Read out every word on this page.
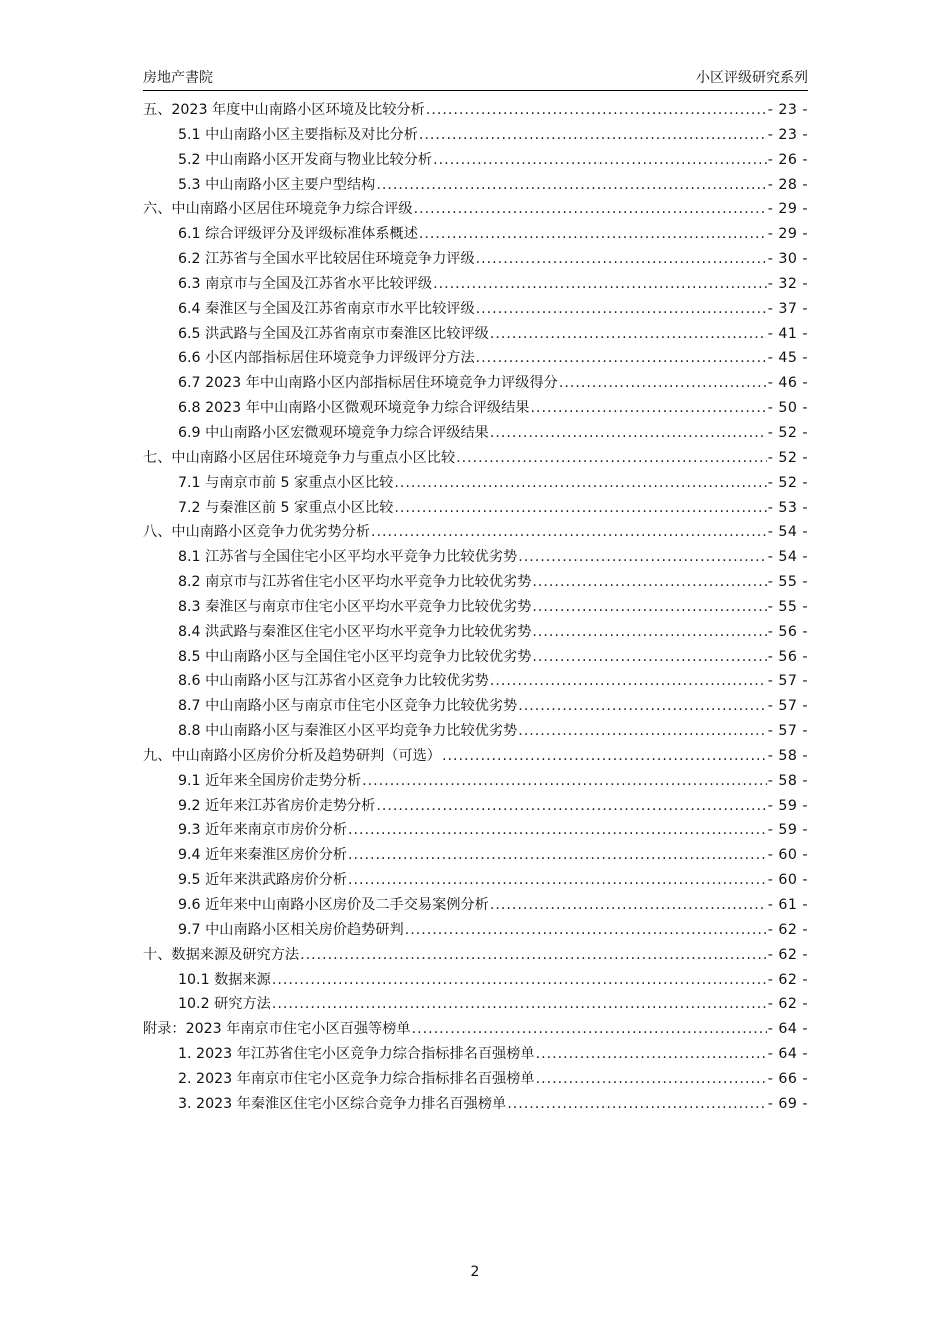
房地产書院	小区评级研究系列
五、2023 年度中山南路小区环境及比较分析 .....	- 23 -
5.1 中山南路小区主要指标及对比分析 .....	- 23 -
5.2 中山南路小区开发商与物业比较分析 .....	- 26 -
5.3 中山南路小区主要户型结构 .....	- 28 -
六、中山南路小区居住环境竞争力综合评级 .....	- 29 -
6.1 综合评级评分及评级标准体系概述 .....	- 29 -
6.2 江苏省与全国水平比较居住环境竞争力评级 .....	- 30 -
6.3 南京市与全国及江苏省水平比较评级 .....	- 32 -
6.4 秦淮区与全国及江苏省南京市水平比较评级 .....	- 37 -
6.5 洪武路与全国及江苏省南京市秦淮区比较评级 .....	- 41 -
6.6 小区内部指标居住环境竞争力评级评分方法 .....	- 45 -
6.7 2023 年中山南路小区内部指标居住环境竞争力评级得分 .....	- 46 -
6.8 2023 年中山南路小区微观环境竞争力综合评级结果 .....	- 50 -
6.9 中山南路小区宏微观环境竞争力综合评级结果 .....	- 52 -
七、中山南路小区居住环境竞争力与重点小区比较 .....	- 52 -
7.1 与南京市前 5 家重点小区比较 .....	- 52 -
7.2 与秦淮区前 5 家重点小区比较 .....	- 53 -
八、中山南路小区竞争力优劣势分析 .....	- 54 -
8.1 江苏省与全国住宅小区平均水平竞争力比较优劣势 .....	- 54 -
8.2 南京市与江苏省住宅小区平均水平竞争力比较优劣势 .....	- 55 -
8.3 秦淮区与南京市住宅小区平均水平竞争力比较优劣势 .....	- 55 -
8.4 洪武路与秦淮区住宅小区平均水平竞争力比较优劣势 .....	- 56 -
8.5 中山南路小区与全国住宅小区平均竞争力比较优劣势 .....	- 56 -
8.6 中山南路小区与江苏省小区竞争力比较优劣势 .....	- 57 -
8.7 中山南路小区与南京市住宅小区竞争力比较优劣势 .....	- 57 -
8.8 中山南路小区与秦淮区小区平均竞争力比较优劣势 .....	- 57 -
九、中山南路小区房价分析及趋势研判（可选） .....	- 58 -
9.1 近年来全国房价走势分析 .....	- 58 -
9.2 近年来江苏省房价走势分析 .....	- 59 -
9.3 近年来南京市房价分析 .....	- 59 -
9.4 近年来秦淮区房价分析 .....	- 60 -
9.5 近年来洪武路房价分析 .....	- 60 -
9.6 近年来中山南路小区房价及二手交易案例分析 .....	- 61 -
9.7 中山南路小区相关房价趋势研判 .....	- 62 -
十、数据来源及研究方法 .....	- 62 -
10.1 数据来源 .....	- 62 -
10.2 研究方法 .....	- 62 -
附录：2023 年南京市住宅小区百强等榜单 .....	- 64 -
1. 2023 年江苏省住宅小区竞争力综合指标排名百强榜单 .....	- 64 -
2. 2023 年南京市住宅小区竞争力综合指标排名百强榜单 .....	- 66 -
3. 2023 年秦淮区住宅小区综合竞争力排名百强榜单 .....	- 69 -
2
